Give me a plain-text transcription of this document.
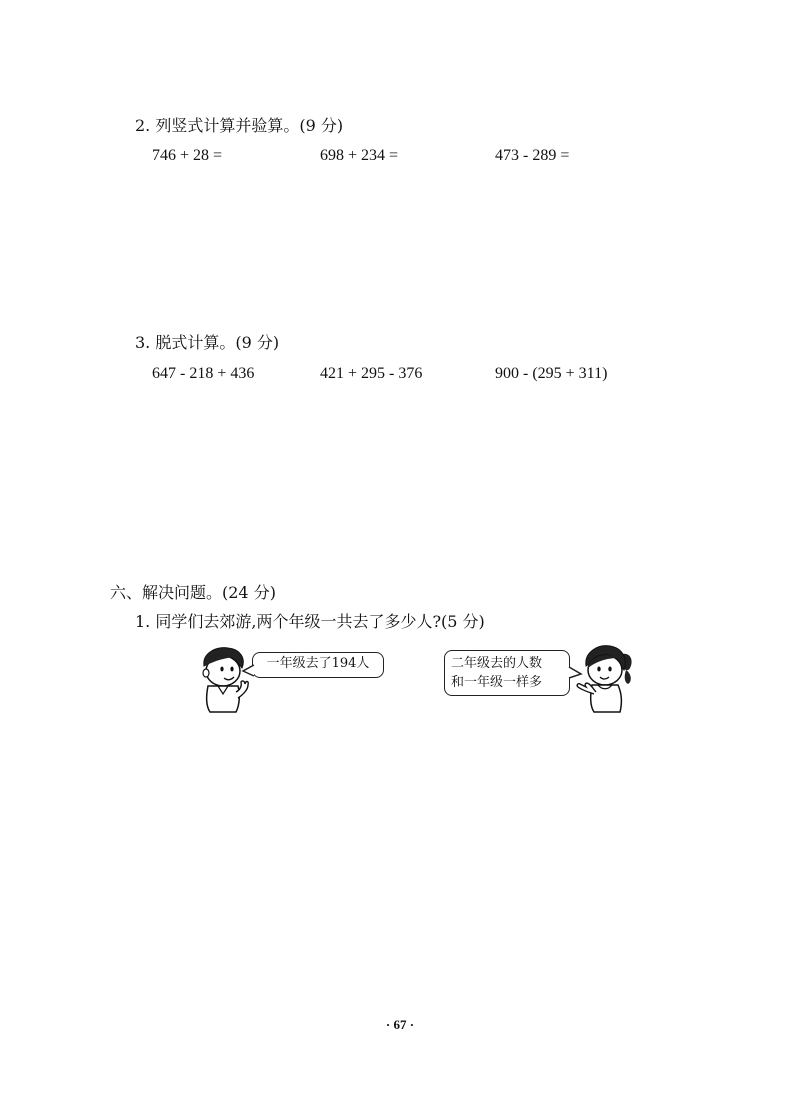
2. 列竖式计算并验算。(9 分)
746 + 28 =	698 + 234 =	473 - 289 =
3. 脱式计算。(9 分)
647 - 218 + 436	421 + 295 - 376	900 - (295 + 311)
六、解决问题。(24 分)
1. 同学们去郊游,两个年级一共去了多少人?(5 分)
一年级去了194人	二年级去的人数
和一年级一样多
· 67 ·
